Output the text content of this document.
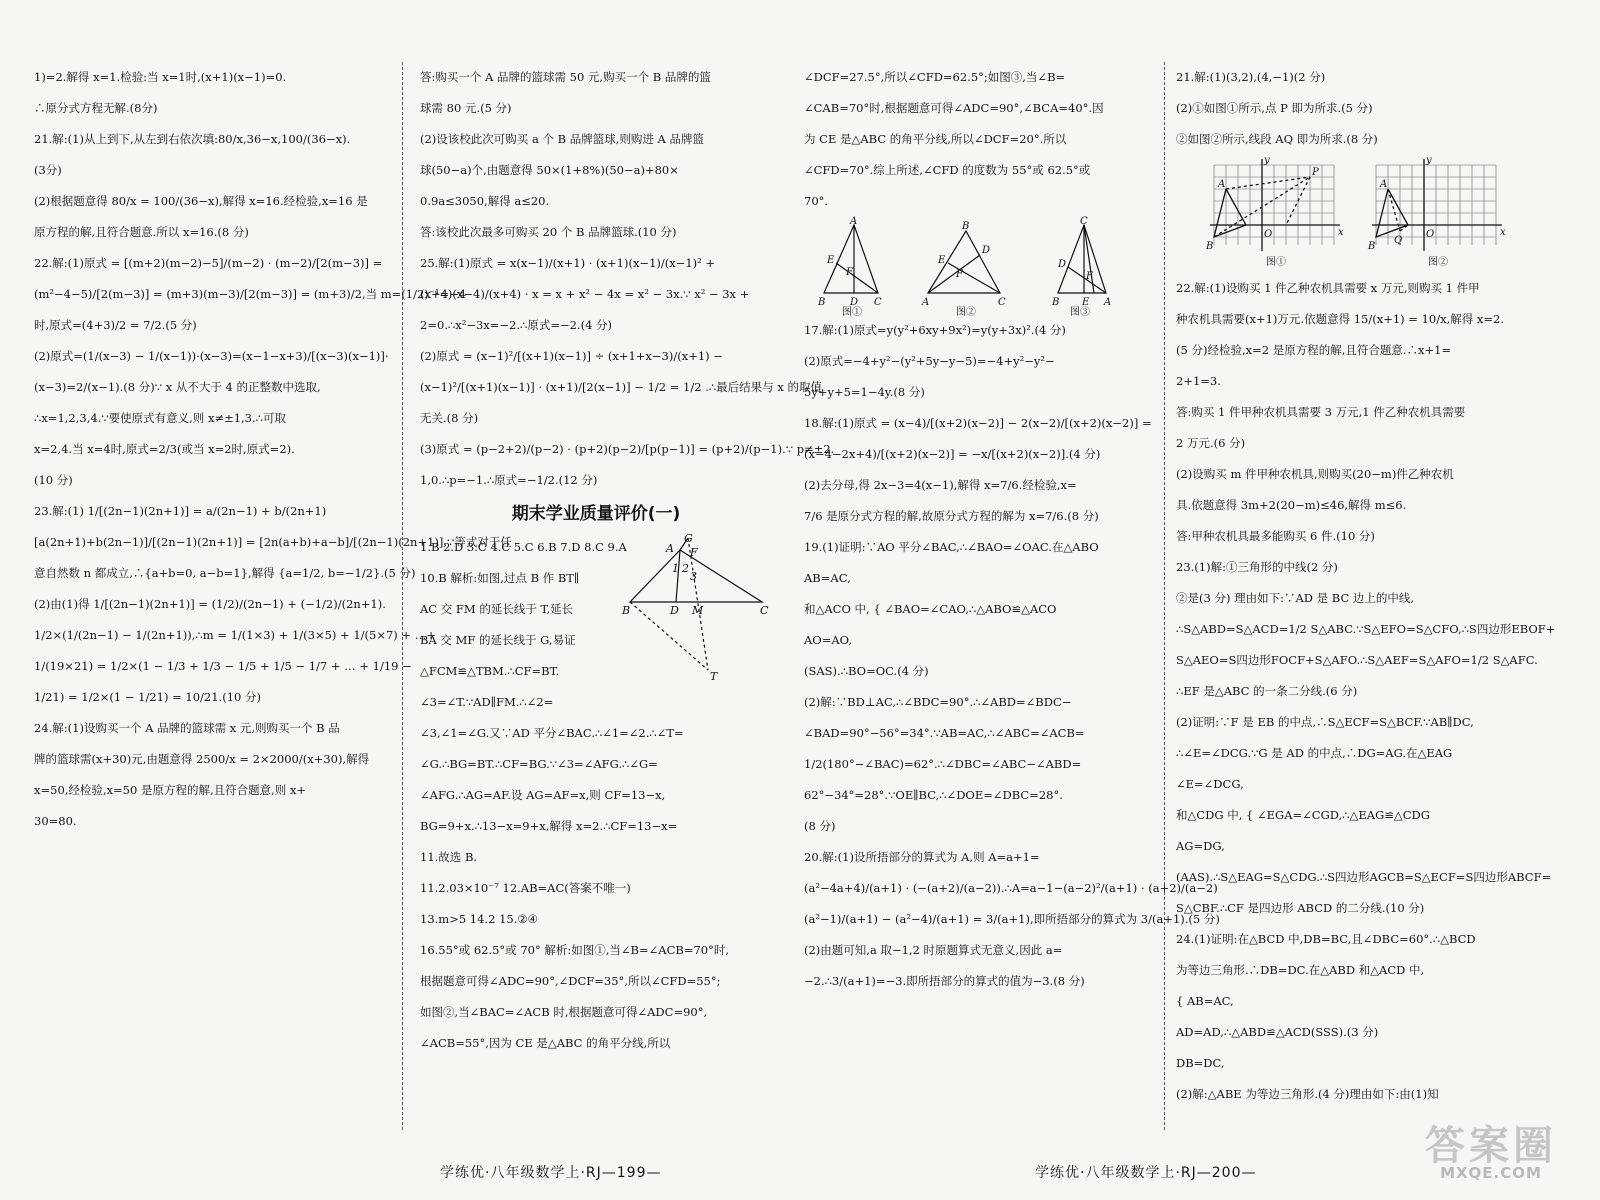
1)=2.解得 x=1.检验:当 x=1时,(x+1)(x−1)=0.

∴原分式方程无解.(8分)

21.解:(1)从上到下,从左到右依次填:80/x,36−x,100/(36−x).

(3分)

(2)根据题意得 80/x = 100/(36−x),解得 x=16.经检验,x=16 是

原方程的解,且符合题意.所以 x=16.(8 分)

22.解:(1)原式 = [(m+2)(m−2)−5]/(m−2) · (m−2)/[2(m−3)] =

(m²−4−5)/[2(m−3)] = (m+3)(m−3)/[2(m−3)] = (m+3)/2,当 m=(1/2)⁻¹=−4

时,原式=(4+3)/2 = 7/2.(5 分)

(2)原式=(1/(x−3) − 1/(x−1))·(x−3)=(x−1−x+3)/[(x−3)(x−1)]·

(x−3)=2/(x−1).(8 分)∵ x 从不大于 4 的正整数中选取,

∴x=1,2,3,4.∵要使原式有意义,则 x≠±1,3.∴可取

x=2,4.当 x=4时,原式=2/3(或当 x=2时,原式=2).

(10 分)

23.解:(1) 1/[(2n−1)(2n+1)] = a/(2n−1) + b/(2n+1)

[a(2n+1)+b(2n−1)]/[(2n−1)(2n+1)] = [2n(a+b)+a−b]/[(2n−1)(2n+1)],∵等式对于任

意自然数 n 都成立,∴{a+b=0, a−b=1},解得 {a=1/2, b=−1/2}.(5 分)

(2)由(1)得 1/[(2n−1)(2n+1)] = (1/2)/(2n−1) + (−1/2)/(2n+1).

1/2×(1/(2n−1) − 1/(2n+1)),∴m = 1/(1×3) + 1/(3×5) + 1/(5×7) + …+

1/(19×21) = 1/2×(1 − 1/3 + 1/3 − 1/5 + 1/5 − 1/7 + … + 1/19 −

1/21) = 1/2×(1 − 1/21) = 10/21.(10 分)

24.解:(1)设购买一个 A 品牌的篮球需 x 元,则购买一个 B 品

牌的篮球需(x+30)元,由题意得 2500/x = 2×2000/(x+30),解得

x=50,经检验,x=50 是原方程的解,且符合题意,则 x+

30=80.

答:购买一个 A 品牌的篮球需 50 元,购买一个 B 品牌的篮

球需 80 元.(5 分)

(2)设该校此次可购买 a 个 B 品牌篮球,则购进 A 品牌篮

球(50−a)个,由题意得 50×(1+8%)(50−a)+80×

0.9a≤3050,解得 a≤20.

答:该校此次最多可购买 20 个 B 品牌篮球.(10 分)

25.解:(1)原式 = x(x−1)/(x+1) · (x+1)(x−1)/(x−1)² +

(x+4)(x−4)/(x+4) · x = x + x² − 4x = x² − 3x.∵ x² − 3x +

2=0.∴x²−3x=−2.∴原式=−2.(4 分)

(2)原式 = (x−1)²/[(x+1)(x−1)] ÷ (x+1+x−3)/(x+1) −

(x−1)²/[(x+1)(x−1)] · (x+1)/[2(x−1)] − 1/2 = 1/2 .∴最后结果与 x 的取值

无关.(8 分)

(3)原式 = (p−2+2)/(p−2) · (p+2)(p−2)/[p(p−1)] = (p+2)/(p−1).∵ p≠±2.

1,0.∴p=−1.∴原式=−1/2.(12 分)

期末学业质量评价(一)
G
A F
1 2
3
B	D M	C
T

1.B 2.D 3.C 4.C 5.C 6.B 7.D 8.C 9.A

10.B 解析:如图,过点 B 作 BT∥

AC 交 FM 的延长线于 T,延长

BA 交 MF 的延长线于 G,易证

△FCM≌△TBM.∴CF=BT.

∠3=∠T.∵AD∥FM.∴∠2=

∠3,∠1=∠G.又∵AD 平分∠BAC.∴∠1=∠2.∴∠T=

∠G.∴BG=BT.∴CF=BG.∵∠3=∠AFG.∴∠G=

∠AFG.∴AG=AF.设 AG=AF=x,则 CF=13−x,

BG=9+x.∴13−x=9+x,解得 x=2.∴CF=13−x=

11.故选 B.

11.2.03×10⁻⁷ 12.AB=AC(答案不唯一)

13.m>5 14.2 15.②④

16.55°或 62.5°或 70° 解析:如图①,当∠B=∠ACB=70°时,

根据题意可得∠ADC=90°,∠DCF=35°,所以∠CFD=55°;

如图②,当∠BAC=∠ACB 时,根据题意可得∠ADC=90°,

∠ACB=55°,因为 CE 是△ABC 的角平分线,所以

∠DCF=27.5°,所以∠CFD=62.5°;如图③,当∠B=

∠CAB=70°时,根据题意可得∠ADC=90°,∠BCA=40°.因

为 CE 是△ABC 的角平分线,所以∠DCF=20°.所以

∠CFD=70°.综上所述,∠CFD 的度数为 55°或 62.5°或

70°.

A
E
F
B D C
图①
B
D
E
F
A	C
图②
C
D
F
B E A
图③

17.解:(1)原式=y(y²+6xy+9x²)=y(y+3x)².(4 分)

(2)原式=−4+y²−(y²+5y−y−5)=−4+y²−y²−

5y+y+5=1−4y.(8 分)

18.解:(1)原式 = (x−4)/[(x+2)(x−2)] − 2(x−2)/[(x+2)(x−2)] =

(x−4−2x+4)/[(x+2)(x−2)] = −x/[(x+2)(x−2)].(4 分)

(2)去分母,得 2x−3=4(x−1),解得 x=7/6.经检验,x=

7/6 是原分式方程的解,故原分式方程的解为 x=7/6.(8 分)

19.(1)证明:∵AO 平分∠BAC,∴∠BAO=∠OAC.在△ABO

AB=AC,

和△ACO 中, { ∠BAO=∠CAO,∴△ABO≌△ACO

AO=AO,

(SAS).∴BO=OC.(4 分)

(2)解:∵BD⊥AC,∴∠BDC=90°.∴∠ABD=∠BDC−

∠BAD=90°−56°=34°.∵AB=AC,∴∠ABC=∠ACB=

1/2(180°−∠BAC)=62°.∴∠DBC=∠ABC−∠ABD=

62°−34°=28°.∵OE∥BC,∴∠DOE=∠DBC=28°.

(8 分)

20.解:(1)设所捂部分的算式为 A,则 A=a+1=

(a²−4a+4)/(a+1) · (−(a+2)/(a−2)).∴A=a−1−(a−2)²/(a+1) · (a+2)/(a−2)

(a²−1)/(a+1) − (a²−4)/(a+1) = 3/(a+1),即所捂部分的算式为 3/(a+1).(5 分)

(2)由题可知,a 取−1,2 时原题算式无意义,因此 a=

−2.∴3/(a+1)=−3.即所捂部分的算式的值为−3.(8 分)

21.解:(1)(3,2),(4,−1)(2 分)

(2)①如图①所示,点 P 即为所求.(5 分)

②如图②所示,线段 AQ 即为所求.(8 分)

y
A
P
B
O	x
图①
y
A
Q
B
O	x
图②

22.解:(1)设购买 1 件乙种农机具需要 x 万元,则购买 1 件甲

种农机具需要(x+1)万元.依题意得 15/(x+1) = 10/x,解得 x=2.

(5 分)经检验,x=2 是原方程的解,且符合题意.∴x+1=

2+1=3.

答:购买 1 件甲种农机具需要 3 万元,1 件乙种农机具需要

2 万元.(6 分)

(2)设购买 m 件甲种农机具,则购买(20−m)件乙种农机

具.依题意得 3m+2(20−m)≤46,解得 m≤6.

答:甲种农机具最多能购买 6 件.(10 分)

23.(1)解:①三角形的中线(2 分)

②是(3 分) 理由如下:∵AD 是 BC 边上的中线,

∴S△ABD=S△ACD=1/2 S△ABC.∵S△EFO=S△CFO,∴S四边形EBOF+

S△AEO=S四边形FOCF+S△AFO.∴S△AEF=S△AFO=1/2 S△AFC.

∴EF 是△ABC 的一条二分线.(6 分)

(2)证明:∵F 是 EB 的中点,∴S△ECF=S△BCF.∵AB∥DC,

∴∠E=∠DCG.∵G 是 AD 的中点,∴DG=AG.在△EAG

∠E=∠DCG,

和△CDG 中, { ∠EGA=∠CGD,∴△EAG≌△CDG

AG=DG,

(AAS).∴S△EAG=S△CDG.∴S四边形AGCB=S△ECF=S四边形ABCF=

S△CBF.∴CF 是四边形 ABCD 的二分线.(10 分)

24.(1)证明:在△BCD 中,DB=BC,且∠DBC=60°.∴△BCD

为等边三角形.∴DB=DC.在△ABD 和△ACD 中,

{ AB=AC,

AD=AD,∴△ABD≌△ACD(SSS).(3 分)

DB=DC,

(2)解:△ABE 为等边三角形.(4 分)理由如下:由(1)知

学练优·八年级数学上·RJ—199—	学练优·八年级数学上·RJ—200—
答案圈
MXQE.COM
